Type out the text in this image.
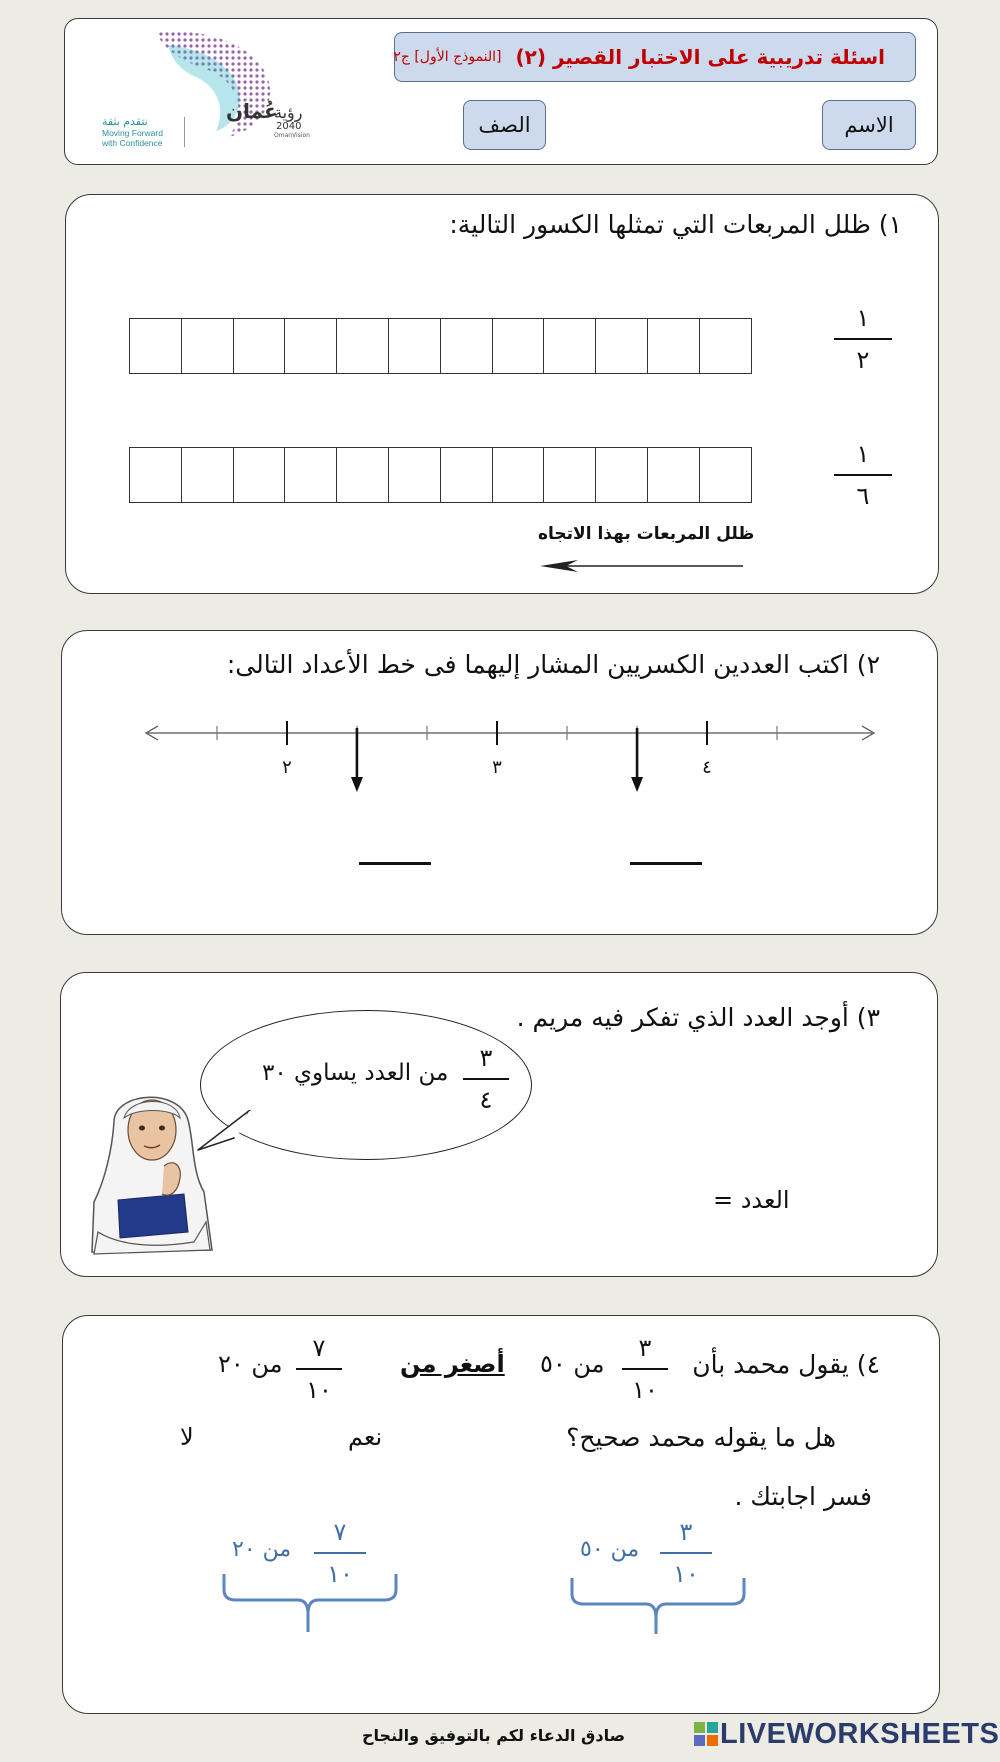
اسئلة تدريبية على الاختبار القصير (٢)
[النموذج الأول] ج٢
الاسم
الصف
رؤية
عُمان
2040
OmanVision
نتقدم بثقة
Moving Forward
with Confidence
١) ظلل المربعات التي تمثلها الكسور التالية:
١
٢
١
٦
ظلل المربعات بهذا الاتجاه
٢) اكتب العددين الكسريين المشار إليهما فى خط الأعداد التالى:
٢	٣	٤
٣) أوجد العدد الذي تفكر فيه مريم .
٣
٤
من العدد يساوي ٣٠
العدد =
٤) يقول محمد بأن
٣
١٠
من ٥٠
أصغر من
٧
١٠
من ٢٠
هل ما يقوله محمد صحيح؟
نعم
لا
فسر اجابتك .
٣
١٠
من ٥٠
٧
١٠
من ٢٠
صادق الدعاء لكم بالتوفيق والنجاح	LIVEWORKSHEETS
